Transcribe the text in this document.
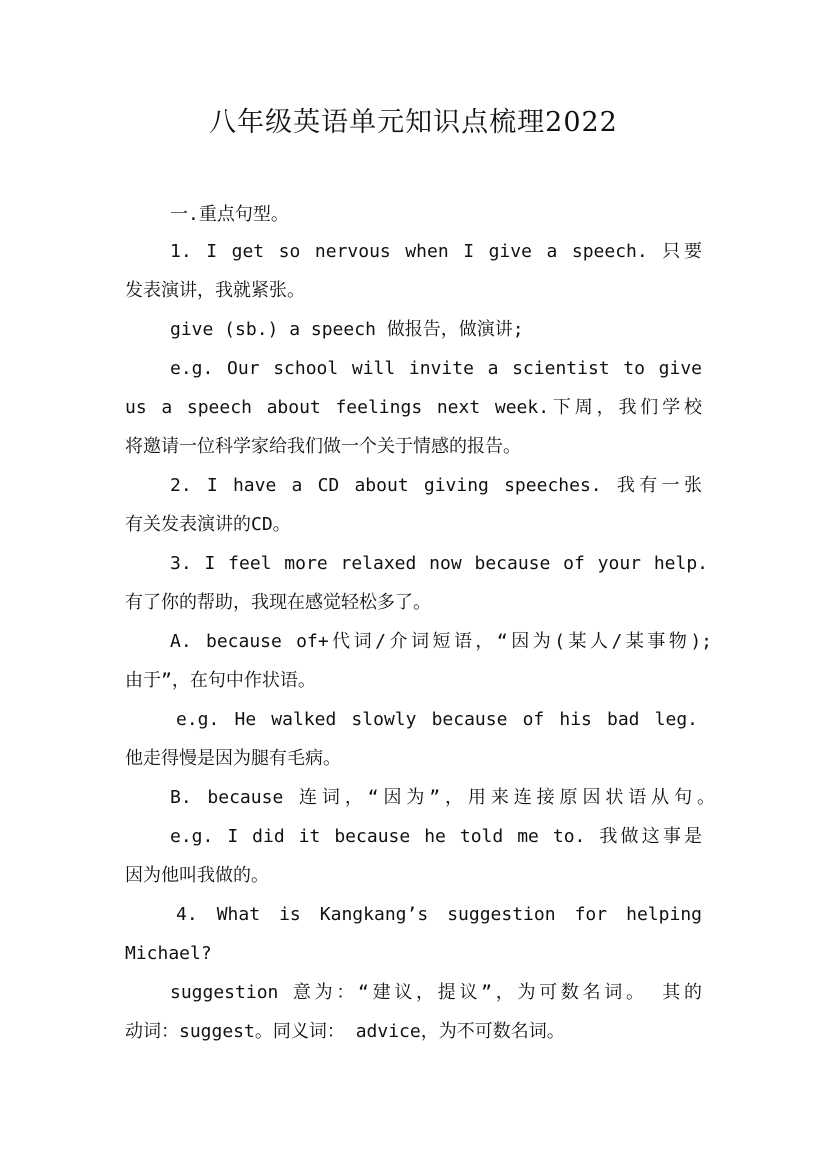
八年级英语单元知识点梳理2022
一.重点句型。
1. I get so nervous when I give a speech. 只要
发表演讲，我就紧张。
give (sb.) a speech 做报告，做演讲;
e.g. Our school will invite a scientist to give
us a speech about feelings next week.下周，我们学校
将邀请一位科学家给我们做一个关于情感的报告。
2. I have a CD about giving speeches. 我有一张
有关发表演讲的CD。
3. I feel more relaxed now because of your help.
有了你的帮助，我现在感觉轻松多了。
A. because of+代词/介词短语，“因为(某人/某事物);
由于”，在句中作状语。
e.g. He walked slowly because of his bad leg.
他走得慢是因为腿有毛病。
B. because 连词，“因为”，用来连接原因状语从句。
e.g. I did it because he told me to. 我做这事是
因为他叫我做的。
4. What is Kangkang’s suggestion for helping
Michael?
suggestion 意为：“建议，提议”，为可数名词。 其的
动词：suggest。同义词： advice，为不可数名词。
